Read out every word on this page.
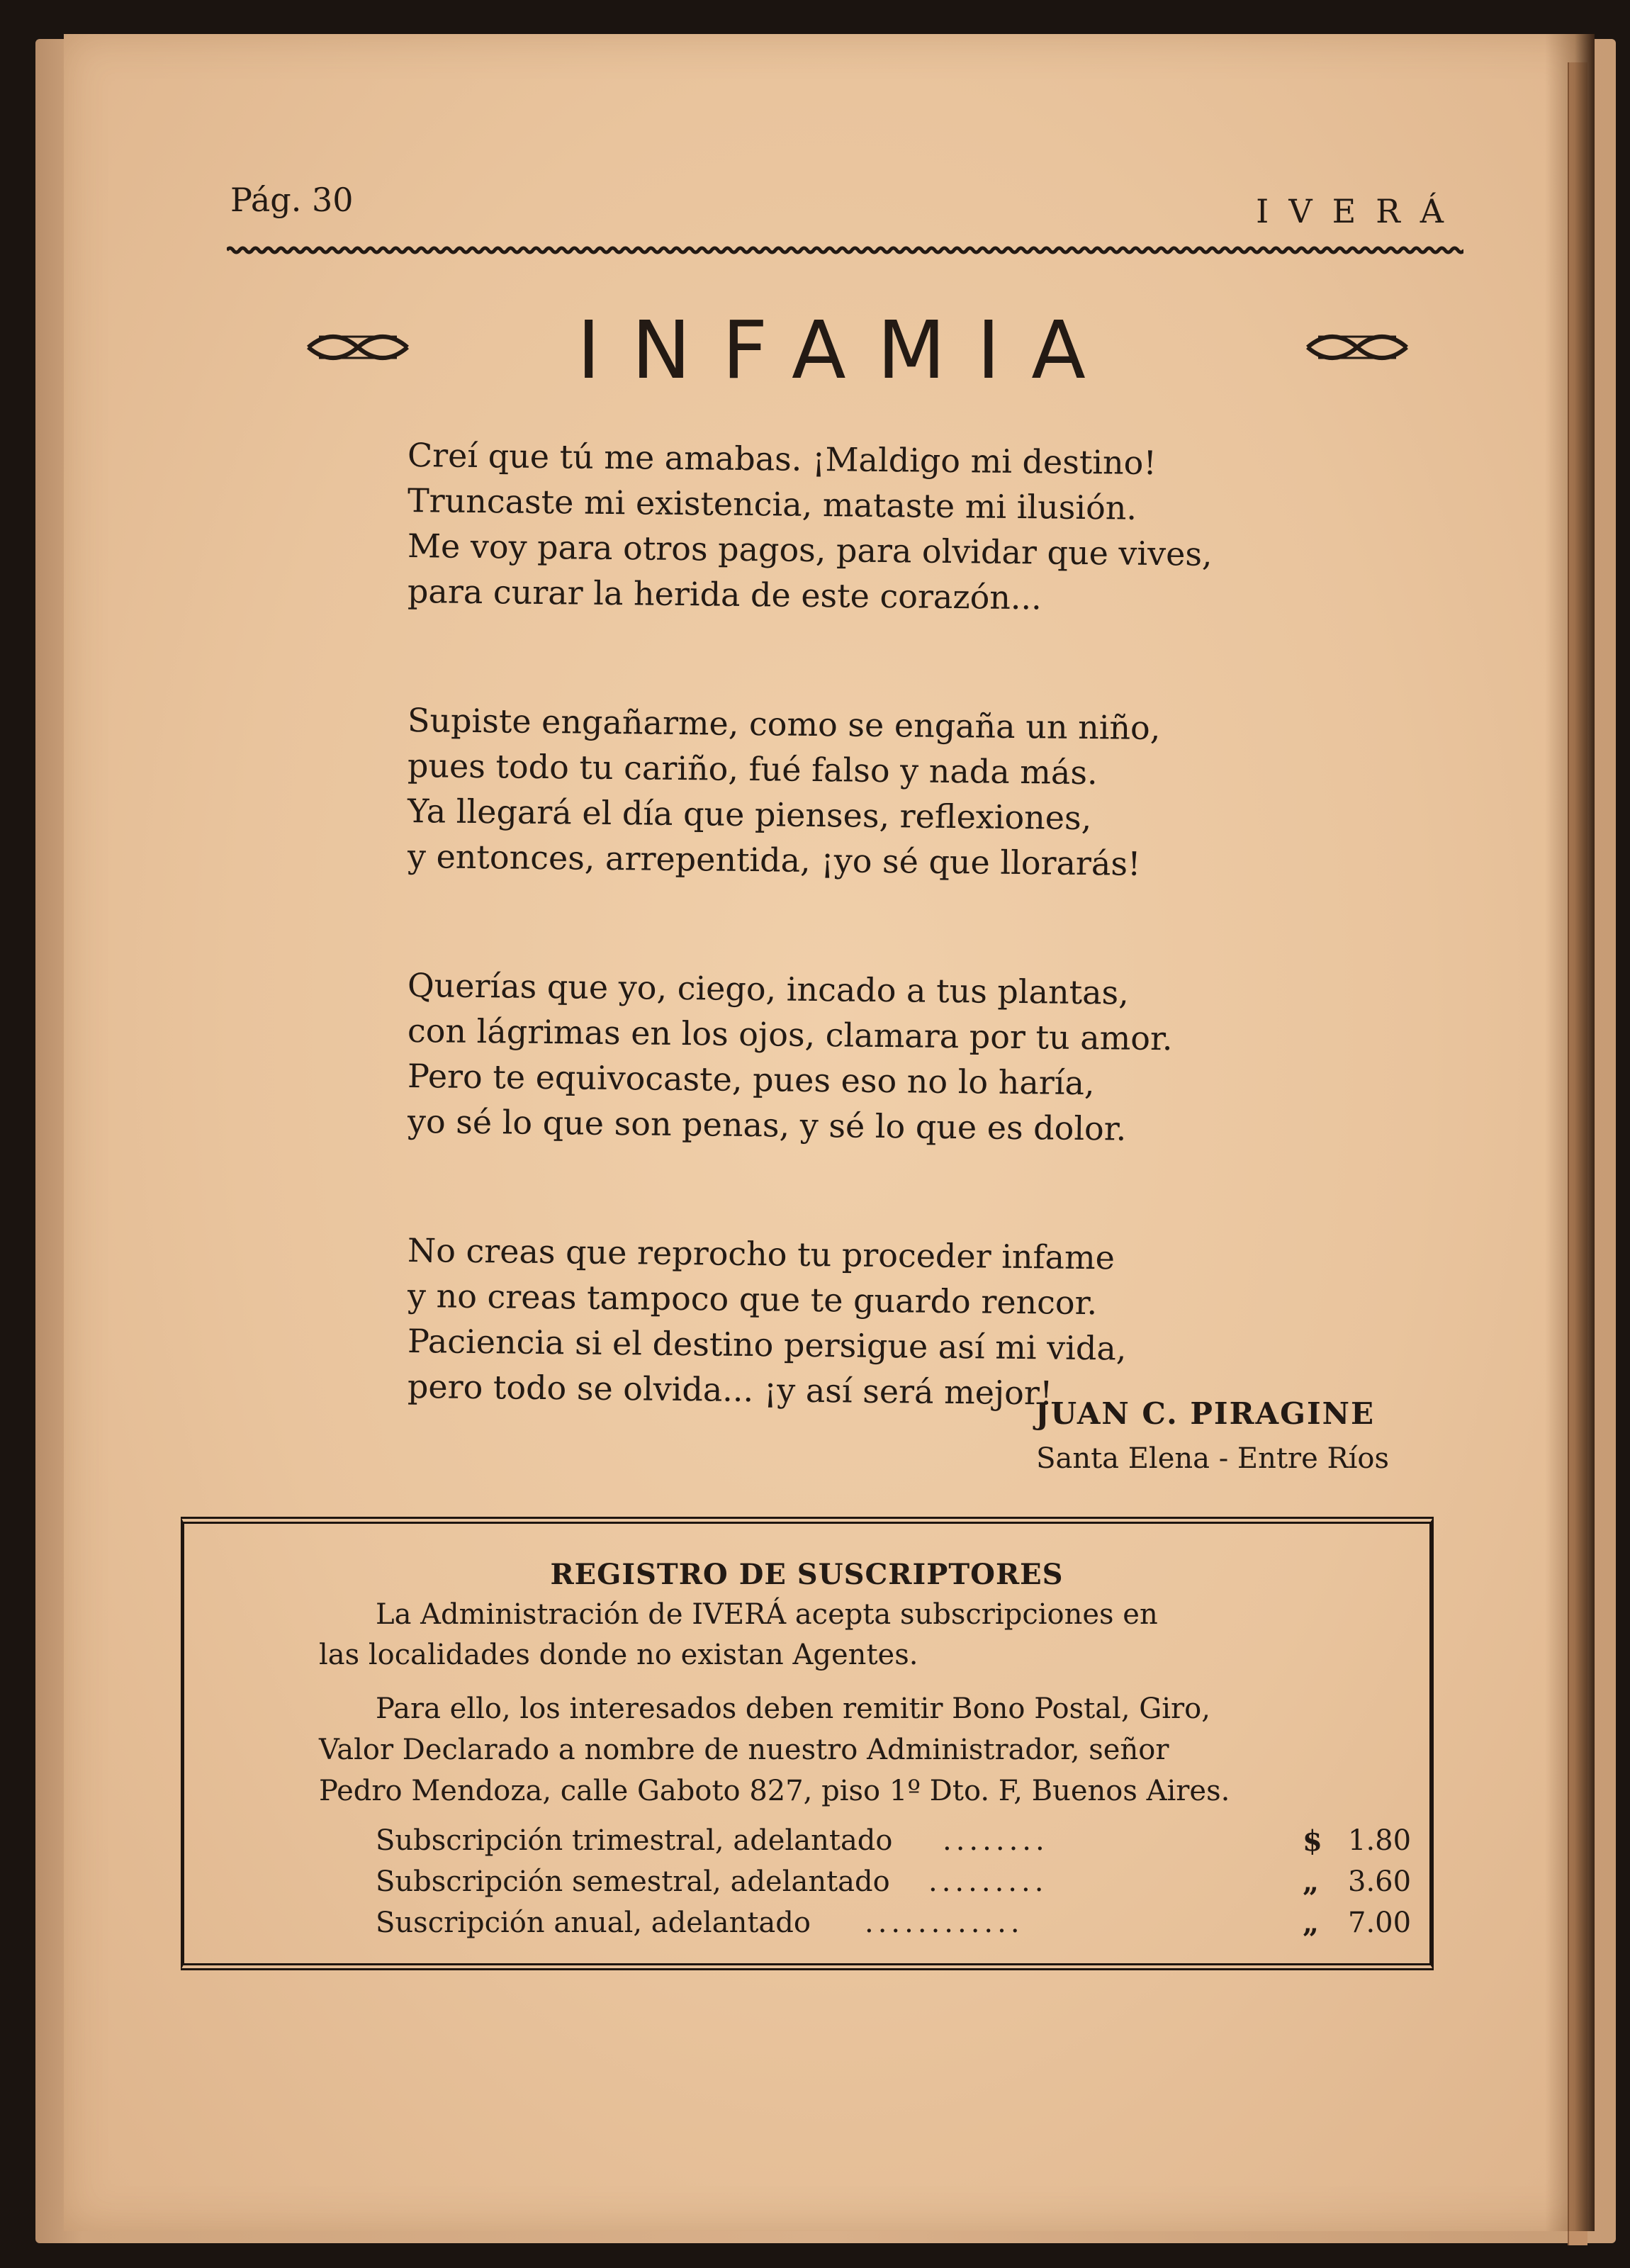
Pág. 30	IVERÁ
INFAMIA
Creí que tú me amabas. ¡Maldigo mi destino!
Truncaste mi existencia, mataste mi ilusión.
Me voy para otros pagos, para olvidar que vives,
para curar la herida de este corazón...
Supiste engañarme, como se engaña un niño,
pues todo tu cariño, fué falso y nada más.
Ya llegará el día que pienses, reflexiones,
y entonces, arrepentida, ¡yo sé que llorarás!
Querías que yo, ciego, incado a tus plantas,
con lágrimas en los ojos, clamara por tu amor.
Pero te equivocaste, pues eso no lo haría,
yo sé lo que son penas, y sé lo que es dolor.
No creas que reprocho tu proceder infame
y no creas tampoco que te guardo rencor.
Paciencia si el destino persigue así mi vida,
pero todo se olvida... ¡y así será mejor!
JUAN C. PIRAGINE
Santa Elena - Entre Ríos
REGISTRO DE SUSCRIPTORES
La Administración de IVERÁ acepta subscripciones en
las localidades donde no existan Agentes.
Para ello, los interesados deben remitir Bono Postal, Giro,
Valor Declarado a nombre de nuestro Administrador, señor
Pedro Mendoza, calle Gaboto 827, piso 1º Dto. F, Buenos Aires.
Subscripción trimestral, adelantado ........	$ 1.80
Subscripción semestral, adelantado .........	„ 3.60
Suscripción anual, adelantado ............	„ 7.00
